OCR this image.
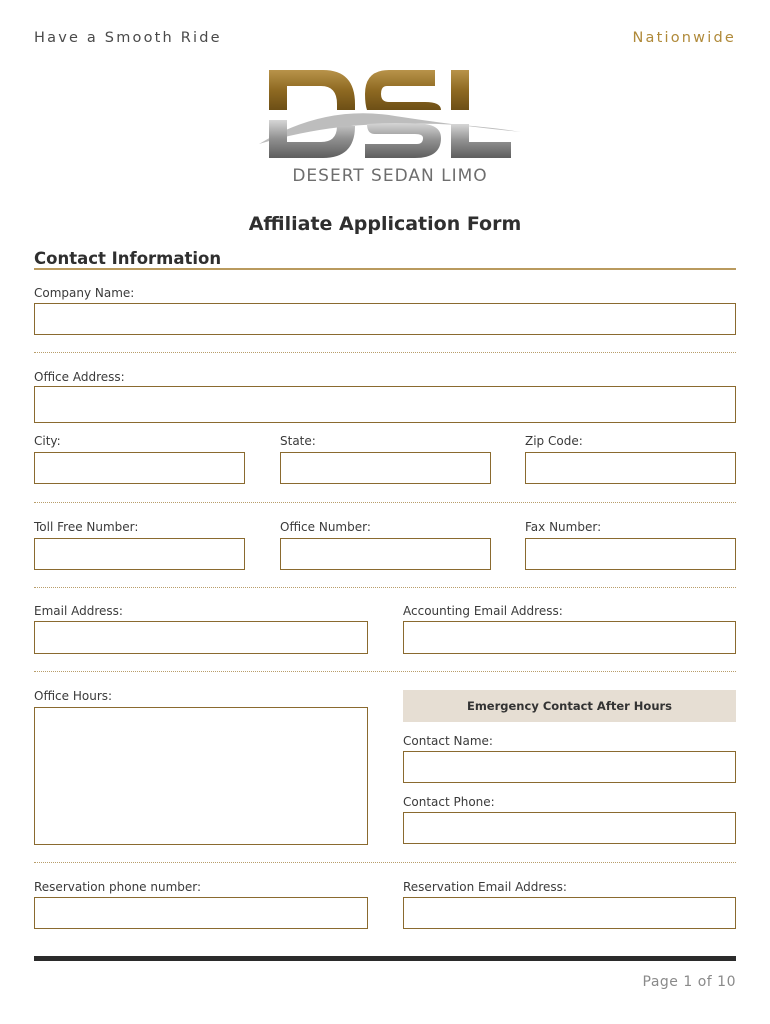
Have a Smooth Ride	Nationwide
DESERT SEDAN LIMO
Affiliate Application Form
Contact Information
Company Name:
Office Address:
City:	State:	Zip Code:
Toll Free Number:	Office Number:	Fax Number:
Email Address:	Accounting Email Address:
Office Hours:
Emergency Contact After Hours
Contact Name:
Contact Phone:
Reservation phone number:	Reservation Email Address:
Page 1 of 10
